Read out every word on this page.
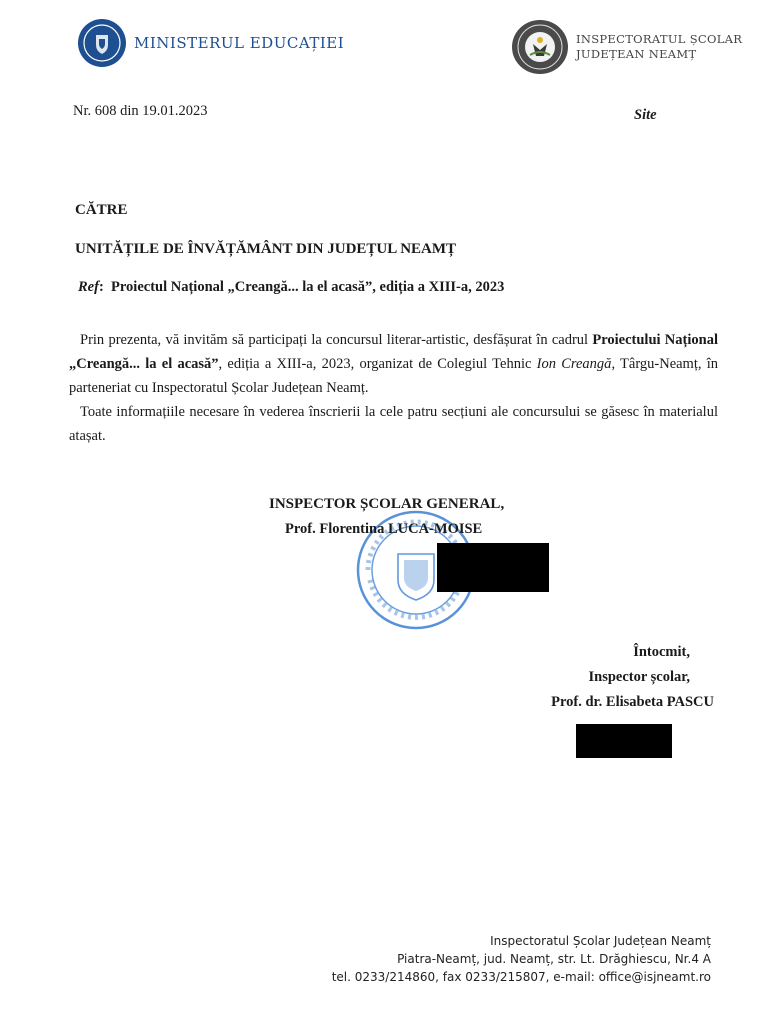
MINISTERUL EDUCAȚIEI	INSPECTORATUL ȘCOLAR
JUDEȚEAN NEAMȚ
Nr. 608 din 19.01.2023	Site
CĂTRE
UNITĂȚILE DE ÎNVĂȚĂMÂNT DIN JUDEȚUL NEAMȚ
Ref:  Proiectul Național „Creangă... la el acasă”, ediția a XIII-a, 2023

Prin prezenta, vă invităm să participați la concursul literar-artistic, desfășurat în cadrul Proiectului Național „Creangă... la el acasă”, ediția a XIII-a, 2023, organizat de Colegiul Tehnic Ion Creangă, Târgu-Neamț, în parteneriat cu Inspectoratul Școlar Județean Neamț.

Toate informațiile necesare în vederea înscrierii la cele patru secțiuni ale concursului se găsesc în materialul atașat.

INSPECTOR ȘCOLAR GENERAL,
Prof. Florentina LUCA-MOISE
Întocmit,
Inspector școlar,
Prof. dr. Elisabeta PASCU
Inspectoratul Școlar Județean Neamț
Piatra-Neamț, jud. Neamț, str. Lt. Drăghiescu, Nr.4 A
tel. 0233/214860, fax 0233/215807, e-mail: office@isjneamt.ro
